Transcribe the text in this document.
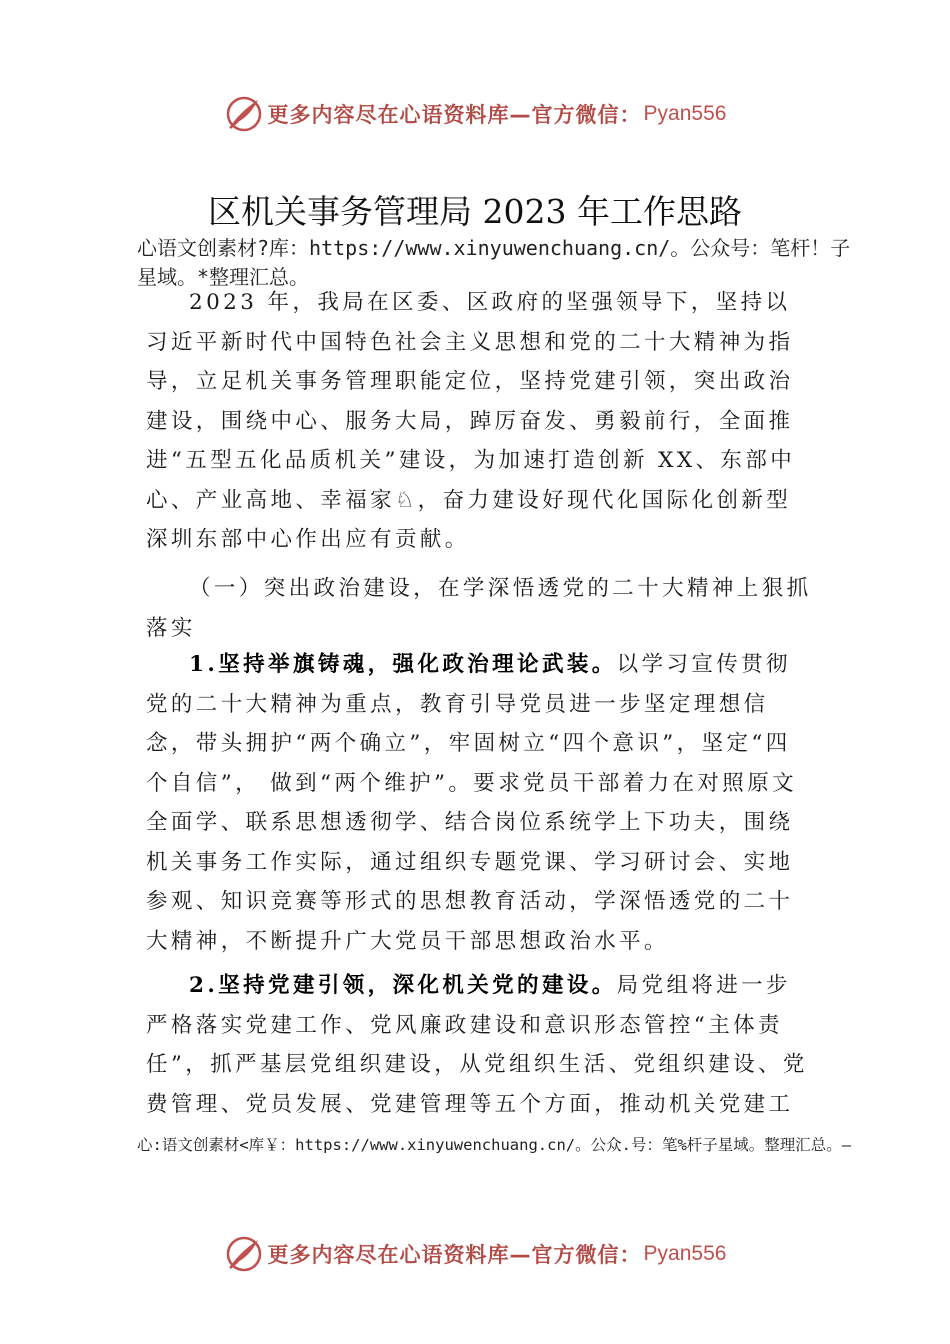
更多内容尽在心语资料库—官方微信： Pyan556
区机关事务管理局 2023 年工作思路
心语文创素材?库：https://www.xinyuwenchuang.cn/。公众号：笔杆！子星域。*整理汇总。

2023 年，我局在区委、区政府的坚强领导下，坚持以习近平新时代中国特色社会主义思想和党的二十大精神为指导，立足机关事务管理职能定位，坚持党建引领，突出政治建设，围绕中心、服务大局，踔厉奋发、勇毅前行，全面推进“五型五化品质机关”建设，为加速打造创新 XX、东部中心、产业高地、幸福家♘，奋力建设好现代化国际化创新型 深圳东部中心作出应有贡献。

（一）突出政治建设，在学深悟透党的二十大精神上狠抓落实

1.坚持举旗铸魂，强化政治理论武装。以学习宣传贯彻党的二十大精神为重点，教育引导党员进一步坚定理想信念，带头拥护“两个确立”，牢固树立“四个意识”，坚定“四个自信”， 做到“两个维护”。要求党员干部着力在对照原文全面学、联系思想透彻学、结合岗位系统学上下功夫，围绕机关事务工作实际，通过组织专题党课、学习研讨会、实地参观、知识竞赛等形式的思想教育活动，学深悟透党的二十大精神，不断提升广大党员干部思想政治水平。

2.坚持党建引领，深化机关党的建设。局党组将进一步严格落实党建工作、党风廉政建设和意识形态管控“主体责任”，抓严基层党组织建设，从党组织生活、党组织建设、党费管理、党员发展、党建管理等五个方面，推动机关党建工

心:语文创素材<库￥：https://www.xinyuwenchuang.cn/。公众.号：笔%杆子星域。整理汇总。—
更多内容尽在心语资料库—官方微信： Pyan556
